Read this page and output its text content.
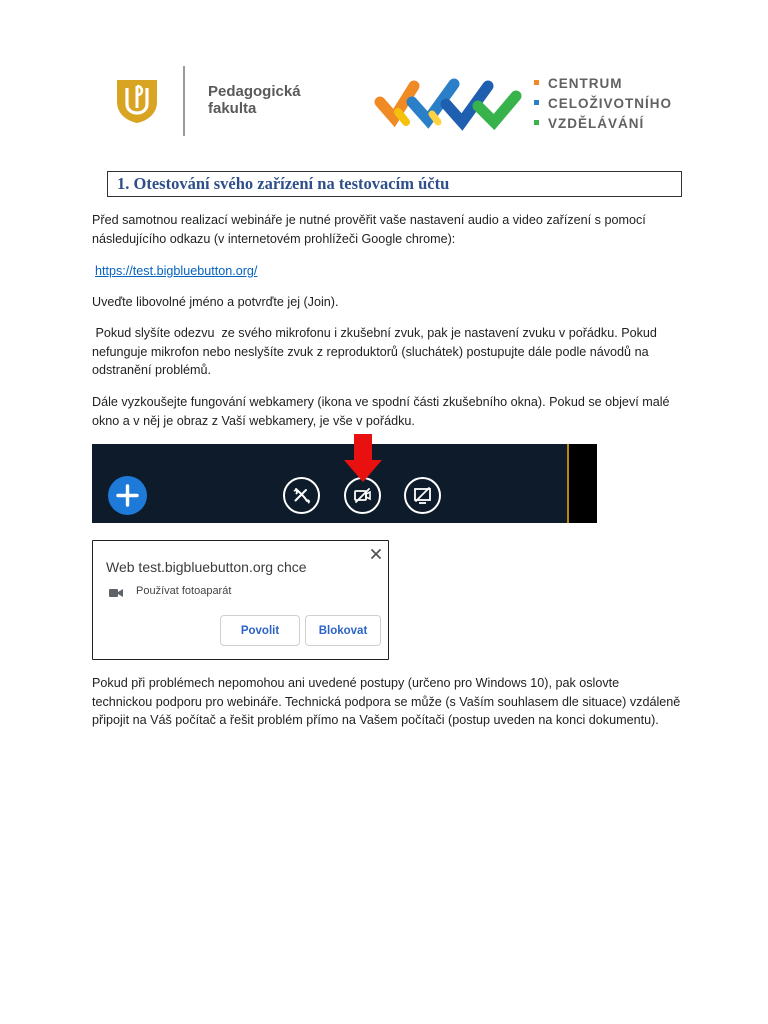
Pedagogická
fakulta
CENTRUM
CELOŽIVOTNÍHO
VZDĚLÁVÁNÍ
1. Otestování svého zařízení na testovacím účtu

Před samotnou realizací webináře je nutné prověřit vaše nastavení audio a video zařízení s pomocí následujícího odkazu (v internetovém prohlížeči Google chrome):

https://test.bigbluebutton.org/

Uveďte libovolné jméno a potvrďte jej (Join).

Pokud slyšíte odezvu  ze svého mikrofonu i zkušební zvuk, pak je nastavení zvuku v pořádku. Pokud nefunguje mikrofon nebo neslyšíte zvuk z reproduktorů (sluchátek) postupujte dále podle návodů na odstranění problémů.

Dále vyzkoušejte fungování webkamery (ikona ve spodní části zkušebního okna). Pokud se objeví malé okno a v něj je obraz z Vaší webkamery, je vše v pořádku.

Web test.bigbluebutton.org chce
Používat fotoaparát
Povolit	Blokovat

Pokud při problémech nepomohou ani uvedené postupy (určeno pro Windows 10), pak oslovte technickou podporu pro webináře. Technická podpora se může (s Vaším souhlasem dle situace) vzdáleně připojit na Váš počítač a řešit problém přímo na Vašem počítači (postup uveden na konci dokumentu).
